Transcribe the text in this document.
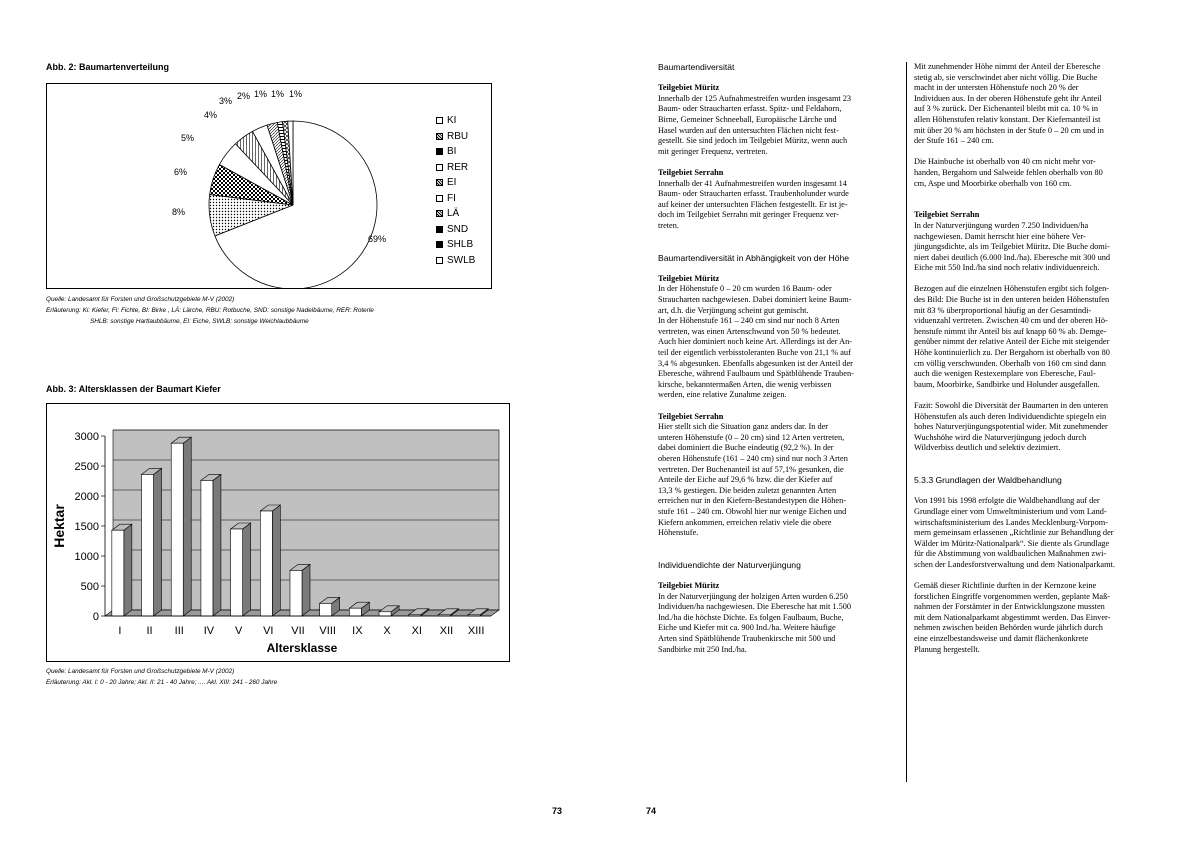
Abb. 2: Baumartenverteilung
69%
8%
6%
5%
4%
3% 2% 1% 1% 1%
KI
RBU
BI
RER
EI
FI
LÄ
SND
SHLB
SWLB
Quelle: Landesamt für Forsten und Großschutzgebiete M-V (2002)
Erläuterung: Ki: Kiefer, FI: Fichte, BI: Birke , LÄ: Lärche, RBU: Rotbuche, SND: sonstige Nadelbäume, RER: Roterle
SHLB: sonstige Hartlaubbäume, EI: Eiche, SWLB: sonstige Weichlaubbäume
Abb. 3: Altersklassen der Baumart Kiefer
0
500
1000
1500
2000
2500
3000
I II III IV V VI VII VIII IX X XI XII XIII
Altersklasse
Hektar
Quelle: Landesamt für Forsten und Großschutzgebiete M-V (2002)
Erläuterung: Akl. I: 0 - 20 Jahre; Akl. II: 21 - 40 Jahre; .... Akl. XIII: 241 - 260 Jahre
73

Baumartendiversität

Teilgebiet Müritz

Innerhalb der 125 Aufnahmestreifen wurden insgesamt 23

Baum- oder Straucharten erfasst. Spitz- und Feldahorn,

Birne, Gemeiner Schneeball, Europäische Lärche und

Hasel wurden auf den untersuchten Flächen nicht fest-

gestellt. Sie sind jedoch im Teilgebiet Müritz, wenn auch

mit geringer Frequenz, vertreten.

Teilgebiet Serrahn

Innerhalb der 41 Aufnahmestreifen wurden insgesamt 14

Baum- oder Straucharten erfasst. Traubenholunder wurde

auf keiner der untersuchten Flächen festgestellt. Er ist je-

doch im Teilgebiet Serrahn mit geringer Frequenz ver-

treten.

Baumartendiversität in Abhängigkeit von der Höhe

Teilgebiet Müritz

In der Höhenstufe 0 – 20 cm wurden 16 Baum- oder

Straucharten nachgewiesen. Dabei dominiert keine Baum-

art, d.h. die Verjüngung scheint gut gemischt.

In der Höhenstufe 161 – 240 cm sind nur noch 8 Arten

vertreten, was einen Artenschwund von 50 % bedeutet.

Auch hier dominiert noch keine Art. Allerdings ist der An-

teil der eigentlich verbisstoleranten Buche von 21,1 % auf

3,4 % abgesunken. Ebenfalls abgesunken ist der Anteil der

Eberesche, während Faulbaum und Spätblühende Trauben-

kirsche, bekanntermaßen Arten, die wenig verbissen

werden, eine relative Zunahme zeigen.

Teilgebiet Serrahn

Hier stellt sich die Situation ganz anders dar. In der

unteren Höhenstufe (0 – 20 cm) sind 12 Arten vertreten,

dabei dominiert die Buche eindeutig (92,2 %). In der

oberen Höhenstufe (161 – 240 cm) sind nur noch 3 Arten

vertreten. Der Buchenanteil ist auf 57,1% gesunken, die

Anteile der Eiche auf 29,6 % bzw. die der Kiefer auf

13,3 % gestiegen. Die beiden zuletzt genannten Arten

erreichen nur in den Kiefern-Bestandestypen die Höhen-

stufe 161 – 240 cm. Obwohl hier nur wenige Eichen und

Kiefern ankommen, erreichen relativ viele die obere

Höhenstufe.

Individuendichte der Naturverjüngung

Teilgebiet Müritz

In der Naturverjüngung der holzigen Arten wurden 6.250

Individuen/ha nachgewiesen. Die Eberesche hat mit 1.500

Ind./ha die höchste Dichte. Es folgen Faulbaum, Buche,

Eiche und Kiefer mit ca. 900 Ind./ha. Weitere häufige

Arten sind Spätblühende Traubenkirsche mit 500 und

Sandbirke mit 250 Ind./ha.

Mit zunehmender Höhe nimmt der Anteil der Eberesche

stetig ab, sie verschwindet aber nicht völlig. Die Buche

macht in der untersten Höhenstufe noch 20 % der

Individuen aus. In der oberen Höhenstufe geht ihr Anteil

auf 3 % zurück. Der Eichenanteil bleibt mit ca. 10 % in

allen Höhenstufen relativ konstant. Der Kiefernanteil ist

mit über 20 % am höchsten in der Stufe 0 – 20 cm und in

der Stufe 161 – 240 cm.

Die Hainbuche ist oberhalb von 40 cm nicht mehr vor-

handen, Bergahorn und Salweide fehlen oberhalb von 80

cm, Aspe und Moorbirke oberhalb von 160 cm.

Teilgebiet Serrahn

In der Naturverjüngung wurden 7.250 Individuen/ha

nachgewiesen. Damit herrscht hier eine höhere Ver-

jüngungsdichte, als im Teilgebiet Müritz. Die Buche domi-

niert dabei deutlich (6.000 Ind./ha). Eberesche mit 300 und

Eiche mit 550 Ind./ha sind noch relativ individuenreich.

Bezogen auf die einzelnen Höhenstufen ergibt sich folgen-

des Bild: Die Buche ist in den unteren beiden Höhenstufen

mit 83 % überproportional häufig an der Gesamtindi-

viduenzahl vertreten. Zwischen 40 cm und der oberen Hö-

henstufe nimmt ihr Anteil bis auf knapp 60 % ab. Demge-

genüber nimmt der relative Anteil der Eiche mit steigender

Höhe kontinuierlich zu. Der Bergahorn ist oberhalb von 80

cm völlig verschwunden. Oberhalb von 160 cm sind dann

auch die wenigen Restexemplare von Eberesche, Faul-

baum, Moorbirke, Sandbirke und Holunder ausgefallen.

Fazit: Sowohl die Diversität der Baumarten in den unteren

Höhenstufen als auch deren Individuendichte spiegeln ein

hohes Naturverjüngungspotential wider. Mit zunehmender

Wuchshöhe wird die Naturverjüngung jedoch durch

Wildverbiss deutlich und selektiv dezimiert.

5.3.3 Grundlagen der Waldbehandlung

Von 1991 bis 1998 erfolgte die Waldbehandlung auf der

Grundlage einer vom Umweltministerium und vom Land-

wirtschaftsministerium des Landes Mecklenburg-Vorpom-

mern gemeinsam erlassenen „Richtlinie zur Behandlung der

Wälder im Müritz-Nationalpark“. Sie diente als Grundlage

für die Abstimmung von waldbaulichen Maßnahmen zwi-

schen der Landesforstverwaltung und dem Nationalparkamt.

Gemäß dieser Richtlinie durften in der Kernzone keine

forstlichen Eingriffe vorgenommen werden, geplante Maß-

nahmen der Forstämter in der Entwicklungszone mussten

mit dem Nationalparkamt abgestimmt werden. Das Einver-

nehmen zwischen beiden Behörden wurde jährlich durch

eine einzelbestandsweise und damit flächenkonkrete

Planung hergestellt.

74
